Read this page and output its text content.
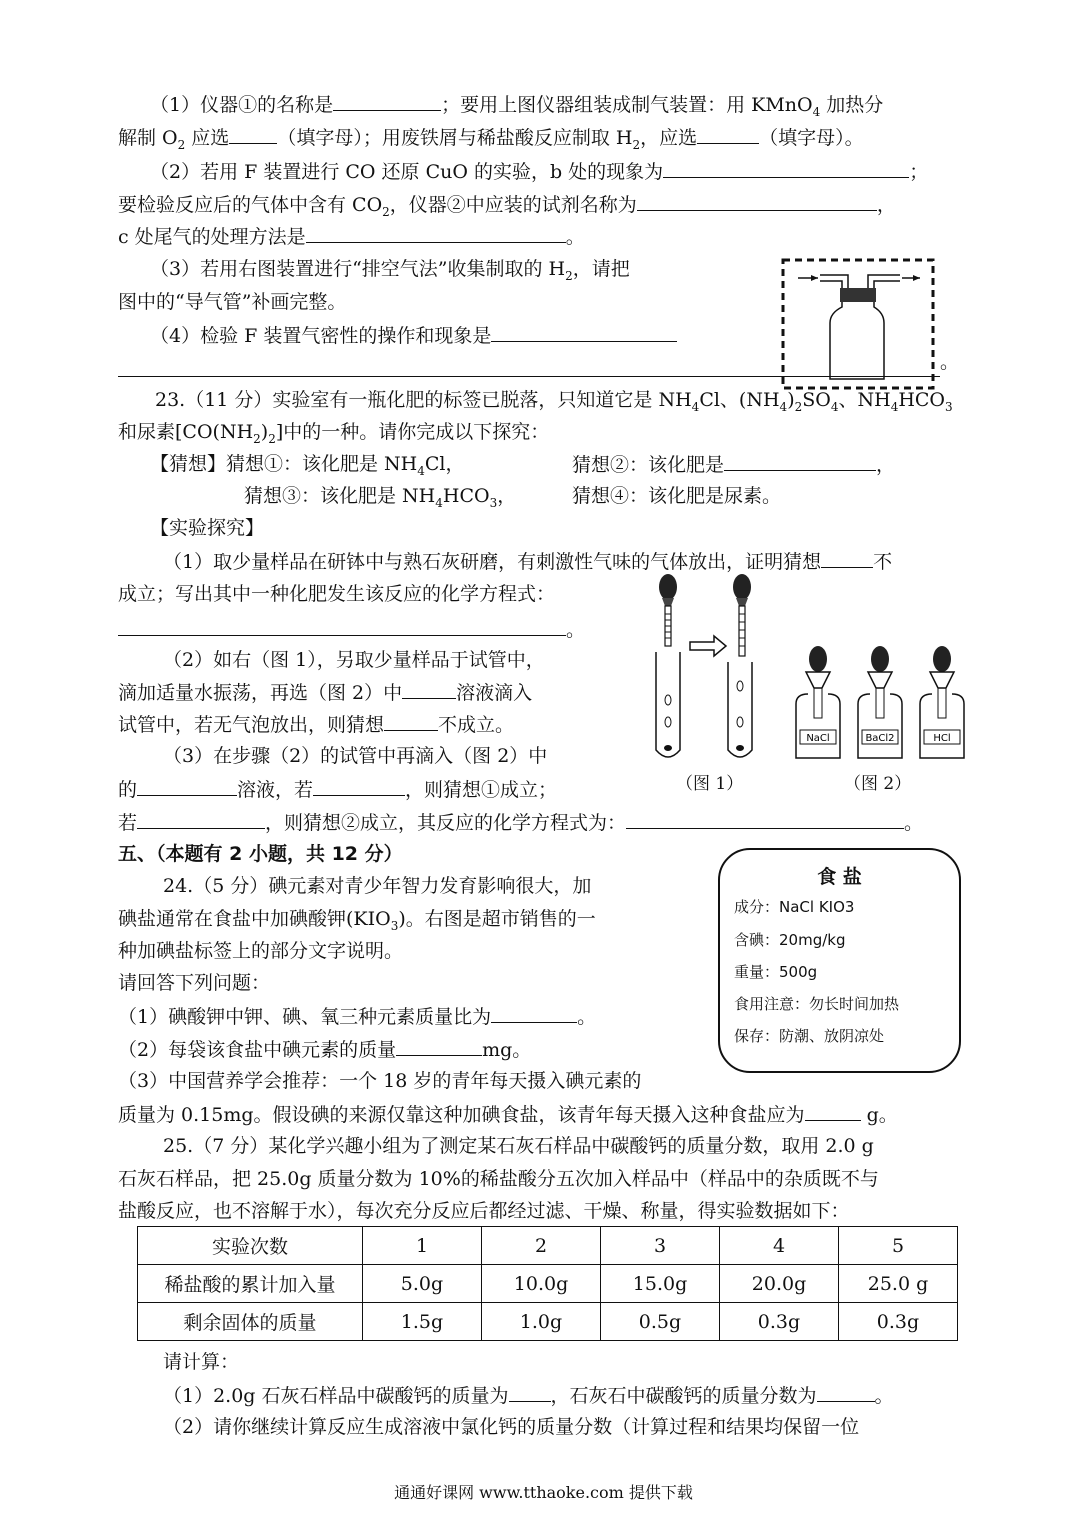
（1）仪器①的名称是	；要用上图仪器组装成制气装置：用 KMnO$_4$ 加热分
解制 $O_2$ 应选	（填字母）；用废铁屑与稀盐酸反应制取 $H_2$，应选	（填字母）。
（2）若用 F 装置进行 CO 还原 CuO 的实验，b 处的现象为	；
要检验反应后的气体中含有 $CO_2$，仪器②中应装的试剂名称为	，
c 处尾气的处理方法是	。
（3）若用右图装置进行“排空气法”收集制取的 $H_2$，请把
图中的“导气管”补画完整。
（4）检验 F 装置气密性的操作和现象是
。
23.（11 分）实验室有一瓶化肥的标签已脱落，只知道它是 $NH_4Cl$、$(NH_4)_2SO_4$、$NH_4HCO_3$
和尿素$[CO(NH_2)_2]$中的一种。请你完成以下探究：
【猜想】猜想①：该化肥是 $NH_4Cl$，	猜想②：该化肥是	，
猜想③：该化肥是 $NH_4HCO_3$，	猜想④：该化肥是尿素。
【实验探究】
（1）取少量样品在研钵中与熟石灰研磨，有刺激性气味的气体放出，证明猜想	不
成立；写出其中一种化肥发生该反应的化学方程式：
。
（2）如右（图 1），另取少量样品于试管中，
滴加适量水振荡，再选（图 2）中	溶液滴入
试管中，若无气泡放出，则猜想	不成立。
（3）在步骤（2）的试管中再滴入（图 2）中
的	溶液，若	，则猜想①成立；
若	，则猜想②成立，其反应的化学方程式为：	。
（图 1）
NaCl	BaCl2	HCl
（图 2）
五、（本题有 2 小题，共 12 分）
24.（5 分）碘元素对青少年智力发育影响很大，加
碘盐通常在食盐中加碘酸钾$(KIO_3)$。右图是超市销售的一
种加碘盐标签上的部分文字说明。
请回答下列问题：
（1）碘酸钾中钾、碘、氧三种元素质量比为	。
（2）每袋该食盐中碘元素的质量	mg。
（3）中国营养学会推荐：一个 18 岁的青年每天摄入碘元素的
质量为 0.15mg。假设碘的来源仅靠这种加碘食盐，该青年每天摄入这种食盐应为	g。
食 盐
成分：NaCl KIO3
含碘：20mg/kg
重量：500g
食用注意：勿长时间加热
保存：防潮、放阴凉处
25.（7 分）某化学兴趣小组为了测定某石灰石样品中碳酸钙的质量分数，取用 2.0 g
石灰石样品，把 25.0g 质量分数为 10%的稀盐酸分五次加入样品中（样品中的杂质既不与
盐酸反应，也不溶解于水），每次充分反应后都经过滤、干燥、称量，得实验数据如下：
实验次数	1	2	3	4	5
稀盐酸的累计加入量	5.0g	10.0g	15.0g	20.0g	25.0 g
剩余固体的质量	1.5g	1.0g	0.5g	0.3g	0.3g
请计算：
（1）2.0g 石灰石样品中碳酸钙的质量为 ，石灰石中碳酸钙的质量分数为	。
（2）请你继续计算反应生成溶液中氯化钙的质量分数（计算过程和结果均保留一位
通通好课网 www.tthaoke.com 提供下载
